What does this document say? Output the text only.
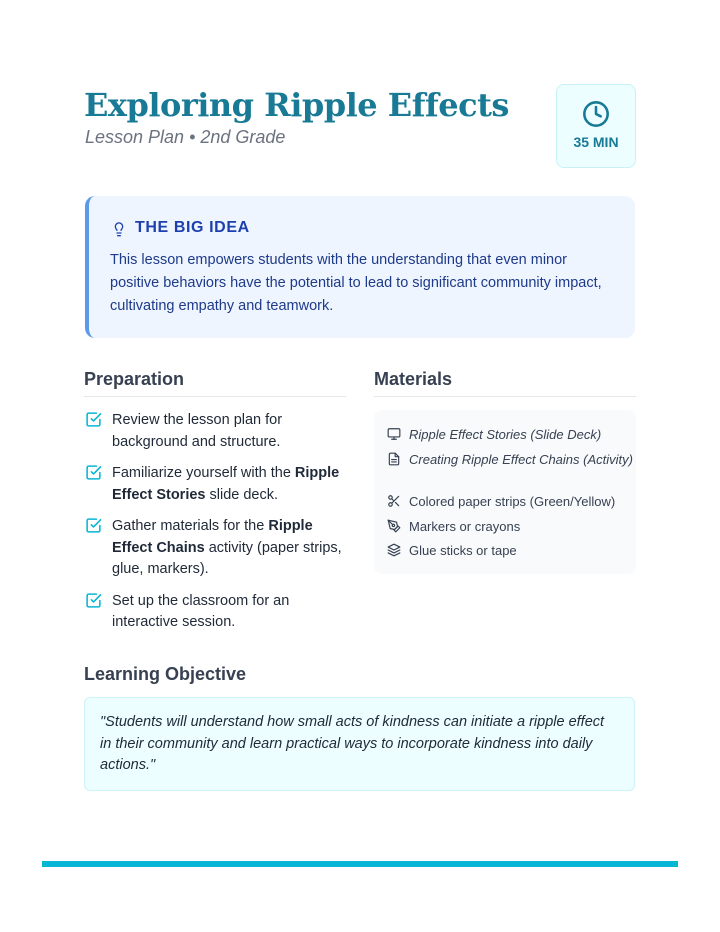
Exploring Ripple Effects
Lesson Plan • 2nd Grade	35 MIN
THE BIG IDEA
This lesson empowers students with the understanding that even minor positive behaviors have the potential to lead to significant community impact, cultivating empathy and teamwork.
Preparation	Materials
Review the lesson plan for background and structure.
Familiarize yourself with the Ripple Effect Stories slide deck.
Gather materials for the Ripple Effect Chains activity (paper strips, glue, markers).
Set up the classroom for an interactive session.
Ripple Effect Stories (Slide Deck)
Creating Ripple Effect Chains (Activity)
Colored paper strips (Green/Yellow)
Markers or crayons
Glue sticks or tape
Learning Objective
"Students will understand how small acts of kindness can initiate a ripple effect in their community and learn practical ways to incorporate kindness into daily actions."
